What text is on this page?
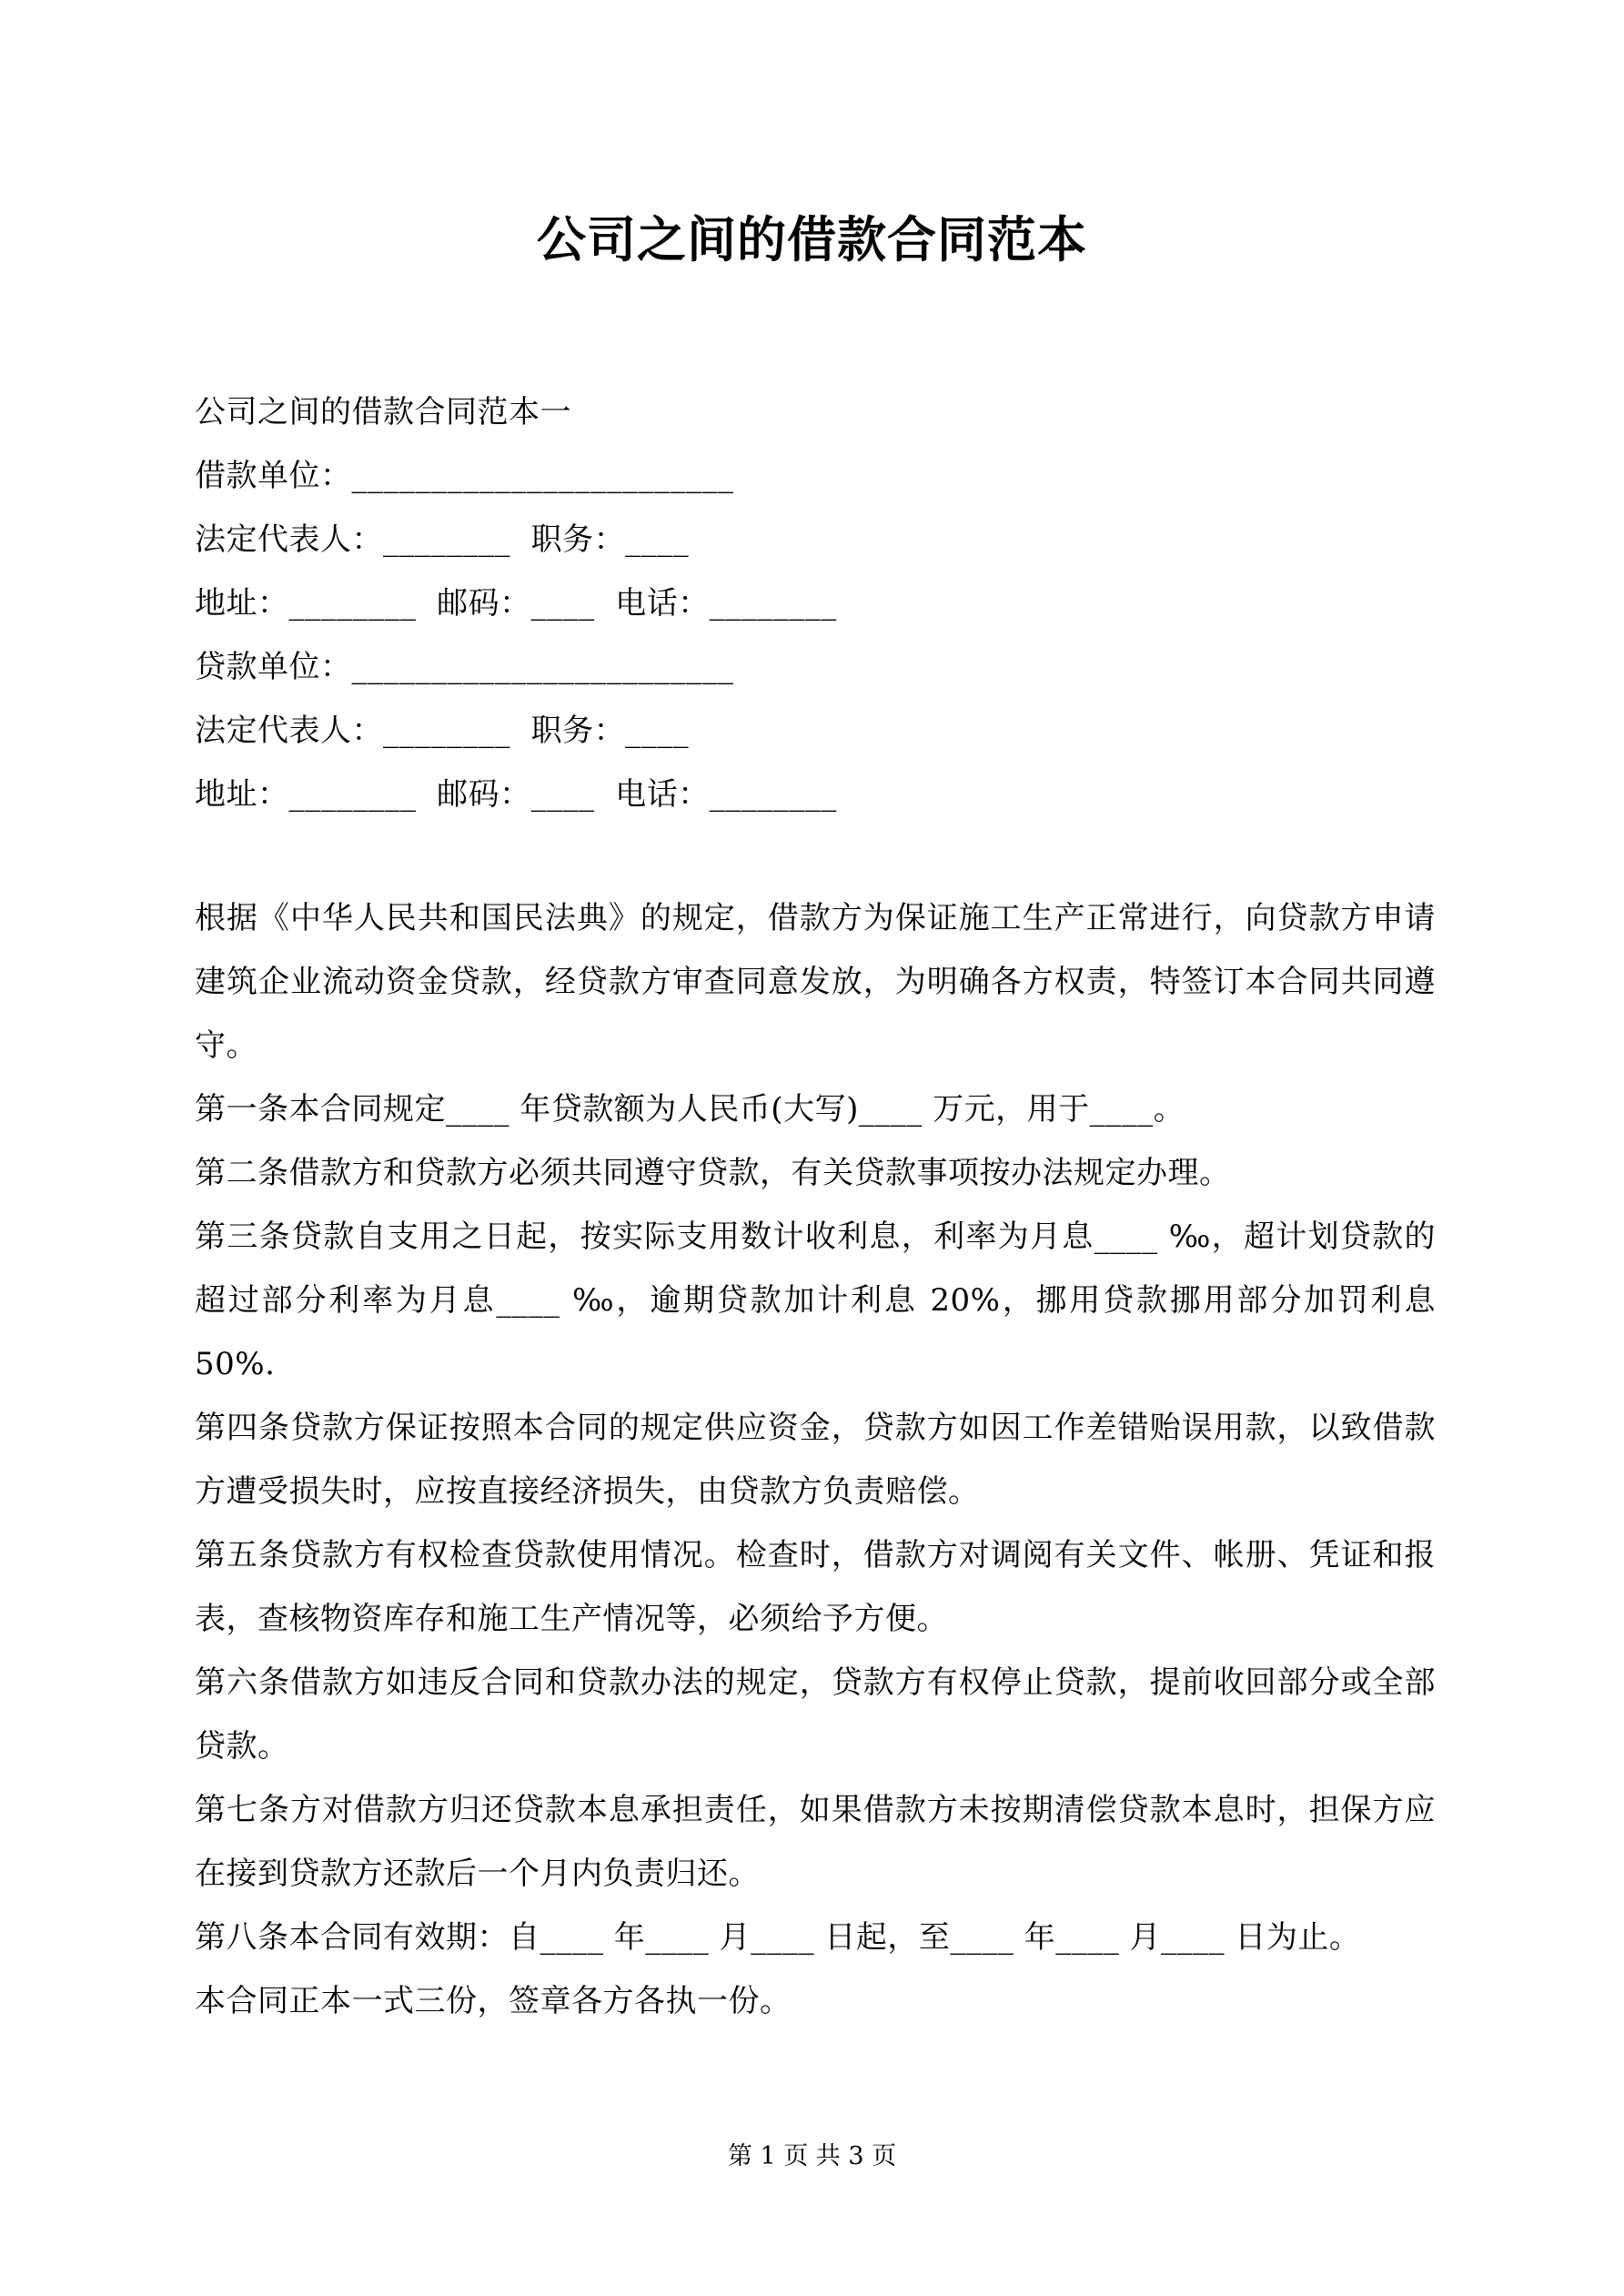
公司之间的借款合同范本
公司之间的借款合同范本一
借款单位：________________________
法定代表人：________  职务：____
地址：________  邮码：____  电话：________
贷款单位：________________________
法定代表人：________  职务：____
地址：________  邮码：____  电话：________
根据《中华人民共和国民法典》的规定，借款方为保证施工生产正常进行，向贷款方申请建筑企业流动资金贷款，经贷款方审查同意发放，为明确各方权责，特签订本合同共同遵守。
第一条本合同规定____ 年贷款额为人民币(大写)____ 万元，用于____。
第二条借款方和贷款方必须共同遵守贷款，有关贷款事项按办法规定办理。
第三条贷款自支用之日起，按实际支用数计收利息，利率为月息____ ‰，超计划贷款的超过部分利率为月息____ ‰，逾期贷款加计利息 20%，挪用贷款挪用部分加罚利息 50%.
第四条贷款方保证按照本合同的规定供应资金，贷款方如因工作差错贻误用款，以致借款方遭受损失时，应按直接经济损失，由贷款方负责赔偿。
第五条贷款方有权检查贷款使用情况。检查时，借款方对调阅有关文件、帐册、凭证和报表，查核物资库存和施工生产情况等，必须给予方便。
第六条借款方如违反合同和贷款办法的规定，贷款方有权停止贷款，提前收回部分或全部贷款。
第七条方对借款方归还贷款本息承担责任，如果借款方未按期清偿贷款本息时，担保方应在接到贷款方还款后一个月内负责归还。
第八条本合同有效期：自____ 年____ 月____ 日起，至____ 年____ 月____ 日为止。
本合同正本一式三份，签章各方各执一份。
第 1 页 共 3 页
